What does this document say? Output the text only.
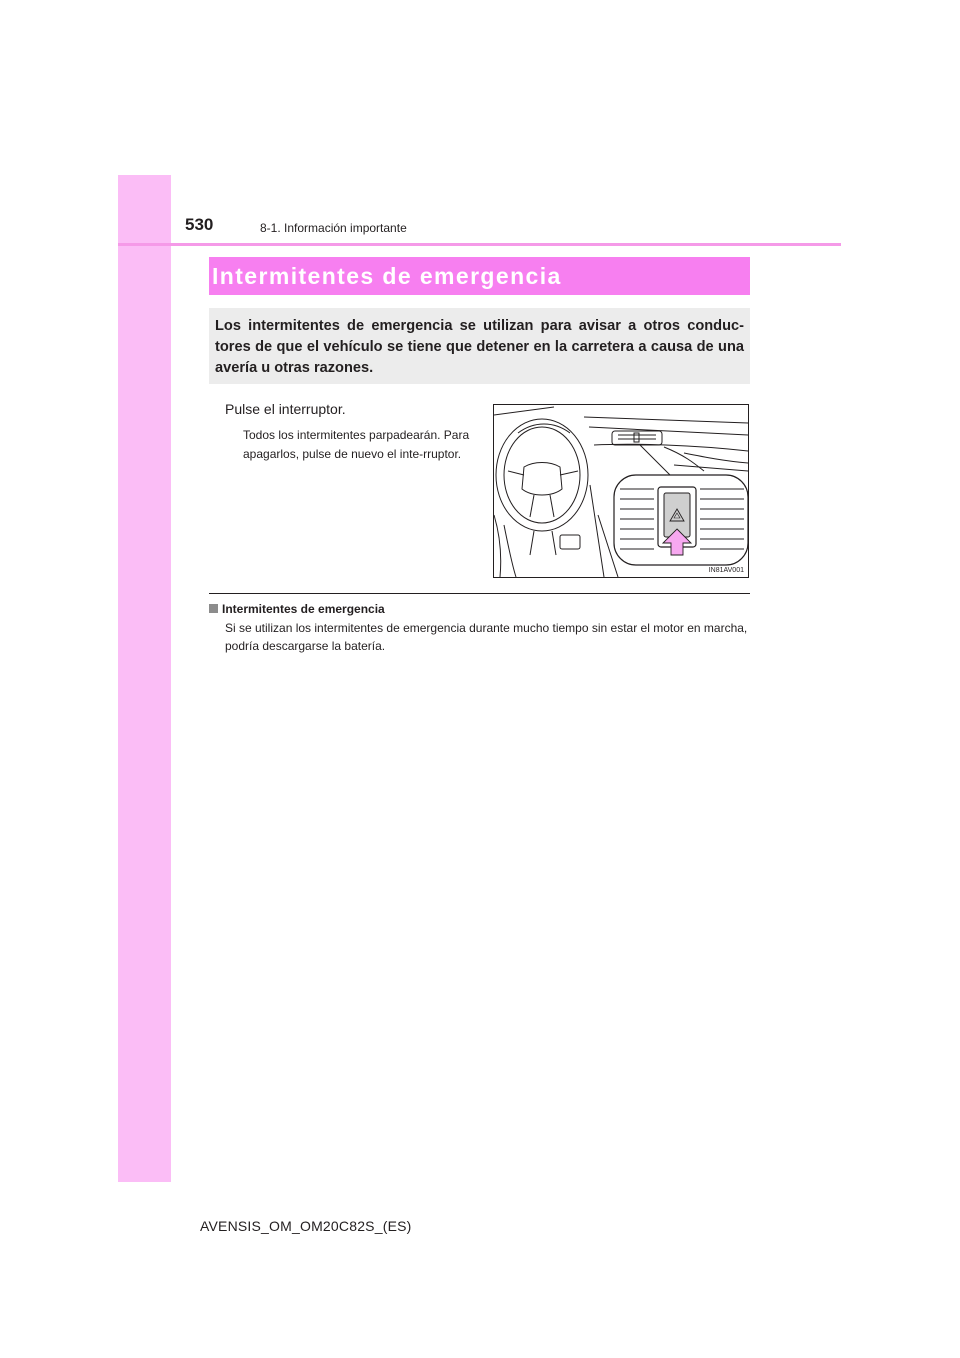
530	8-1. Información importante
Intermitentes de emergencia
Los intermitentes de emergencia se utilizan para avisar a otros conduc-tores de que el vehículo se tiene que detener en la carretera a causa de una avería u otras razones.
Pulse el interruptor.
Todos los intermitentes parpadearán. Para apagarlos, pulse de nuevo el inte-rruptor.
IN81AV001
Intermitentes de emergencia
Si se utilizan los intermitentes de emergencia durante mucho tiempo sin estar el motor en marcha, podría descargarse la batería.
AVENSIS_OM_OM20C82S_(ES)
